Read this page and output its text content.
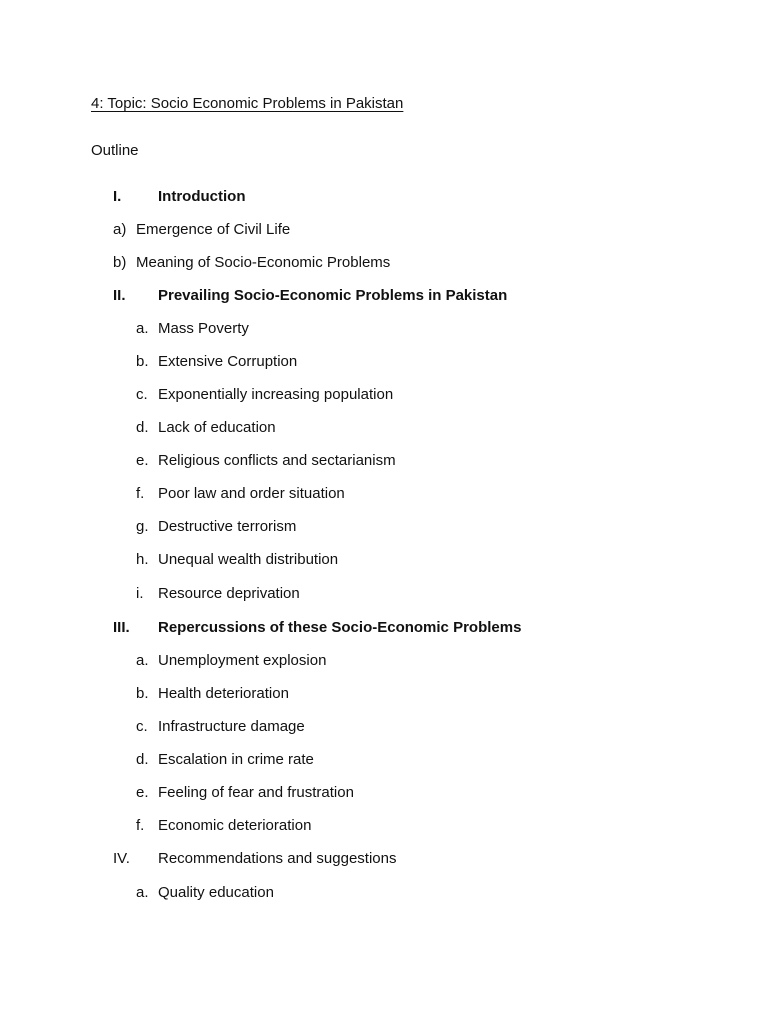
4: Topic: Socio Economic Problems in Pakistan
Outline
I. Introduction
a) Emergence of Civil Life
b) Meaning of Socio-Economic Problems
II. Prevailing Socio-Economic Problems in Pakistan
a. Mass Poverty
b. Extensive Corruption
c. Exponentially increasing population
d. Lack of education
e. Religious conflicts and sectarianism
f. Poor law and order situation
g. Destructive terrorism
h. Unequal wealth distribution
i. Resource deprivation
III. Repercussions of these Socio-Economic Problems
a. Unemployment explosion
b. Health deterioration
c. Infrastructure damage
d. Escalation in crime rate
e. Feeling of fear and frustration
f. Economic deterioration
IV. Recommendations and suggestions
a. Quality education
